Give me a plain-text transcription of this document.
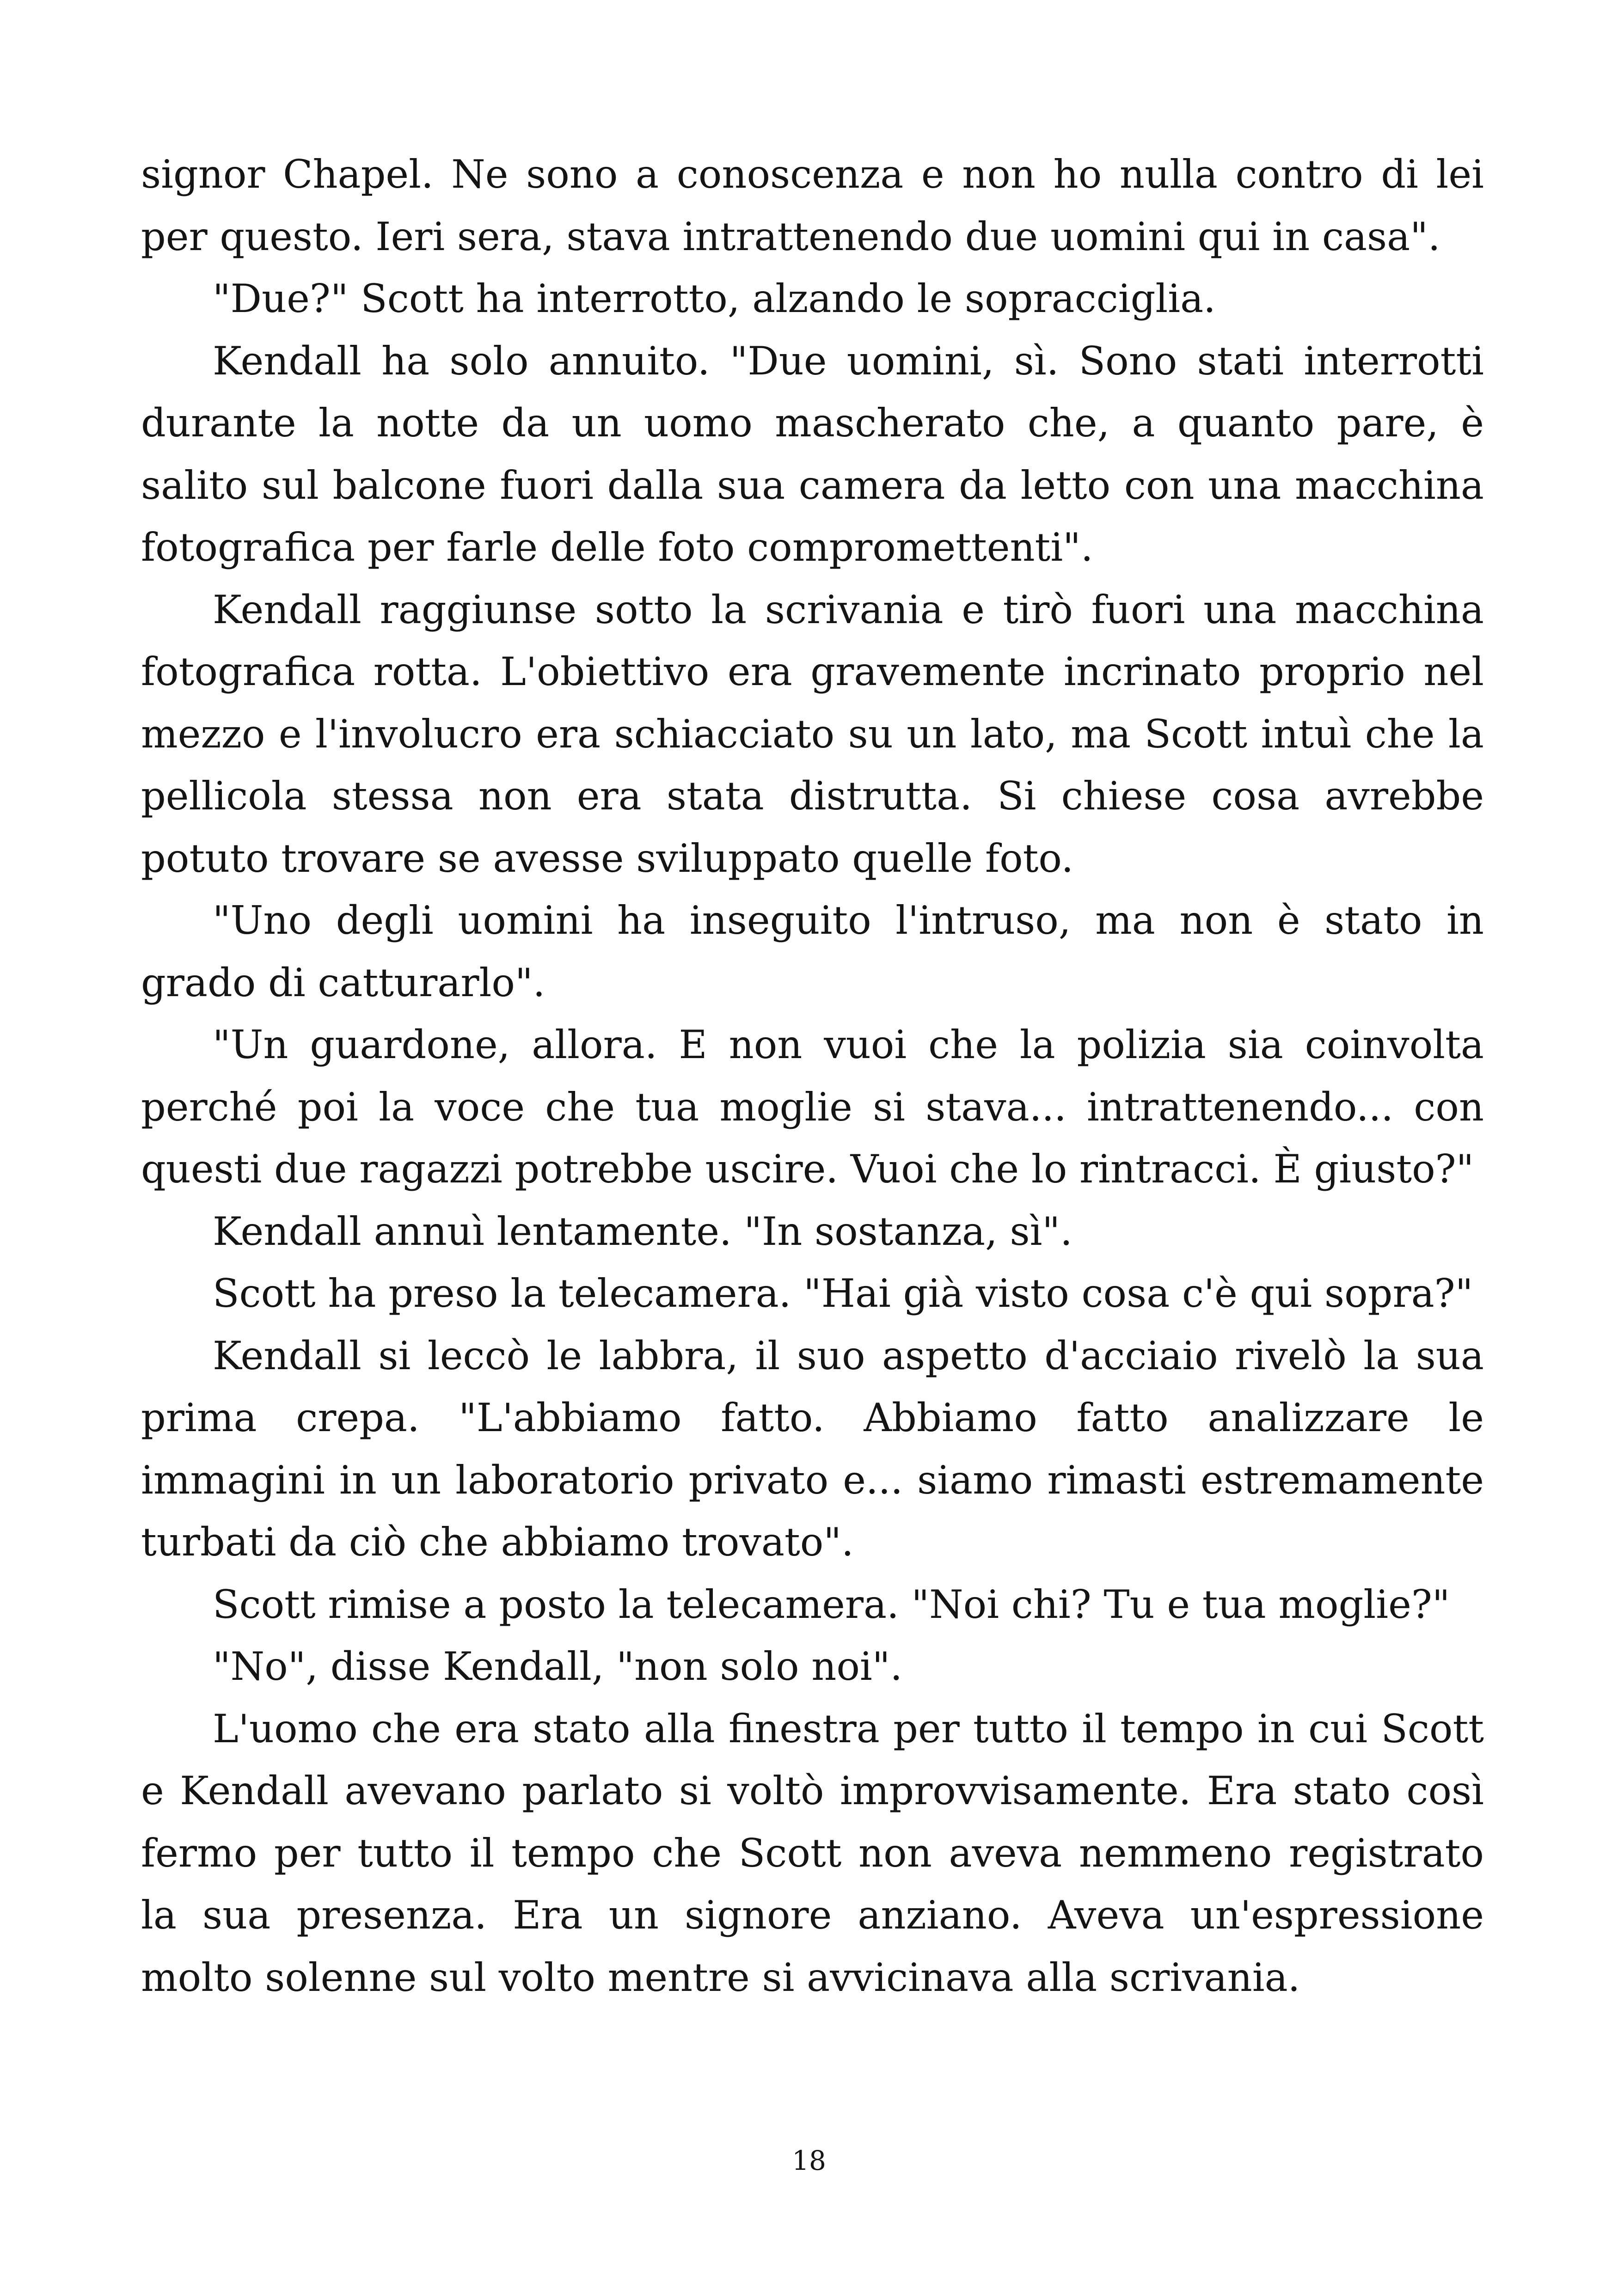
signor Chapel. Ne sono a conoscenza e non ho nulla contro di lei per questo. Ieri sera, stava intrattenendo due uomini qui in casa".

"Due?" Scott ha interrotto, alzando le sopracciglia.

Kendall ha solo annuito. "Due uomini, sì. Sono stati interrotti durante la notte da un uomo mascherato che, a quanto pare, è salito sul balcone fuori dalla sua camera da letto con una macchina fotografica per farle delle foto compromettenti".

Kendall raggiunse sotto la scrivania e tirò fuori una macchina fotografica rotta. L'obiettivo era gravemente incrinato proprio nel mezzo e l'involucro era schiacciato su un lato, ma Scott intuì che la pellicola stessa non era stata distrutta. Si chiese cosa avrebbe potuto trovare se avesse sviluppato quelle foto.

"Uno degli uomini ha inseguito l'intruso, ma non è stato in grado di catturarlo".

"Un guardone, allora. E non vuoi che la polizia sia coinvolta perché poi la voce che tua moglie si stava... intrattenendo... con questi due ragazzi potrebbe uscire. Vuoi che lo rintracci. È giusto?"

Kendall annuì lentamente. "In sostanza, sì".

Scott ha preso la telecamera. "Hai già visto cosa c'è qui sopra?"

Kendall si leccò le labbra, il suo aspetto d'acciaio rivelò la sua prima crepa. "L'abbiamo fatto. Abbiamo fatto analizzare le immagini in un laboratorio privato e... siamo rimasti estremamente turbati da ciò che abbiamo trovato".

Scott rimise a posto la telecamera. "Noi chi? Tu e tua moglie?"

"No", disse Kendall, "non solo noi".

L'uomo che era stato alla finestra per tutto il tempo in cui Scott e Kendall avevano parlato si voltò improvvisamente. Era stato così fermo per tutto il tempo che Scott non aveva nemmeno registrato la sua presenza. Era un signore anziano. Aveva un'espressione molto solenne sul volto mentre si avvicinava alla scrivania.

18
